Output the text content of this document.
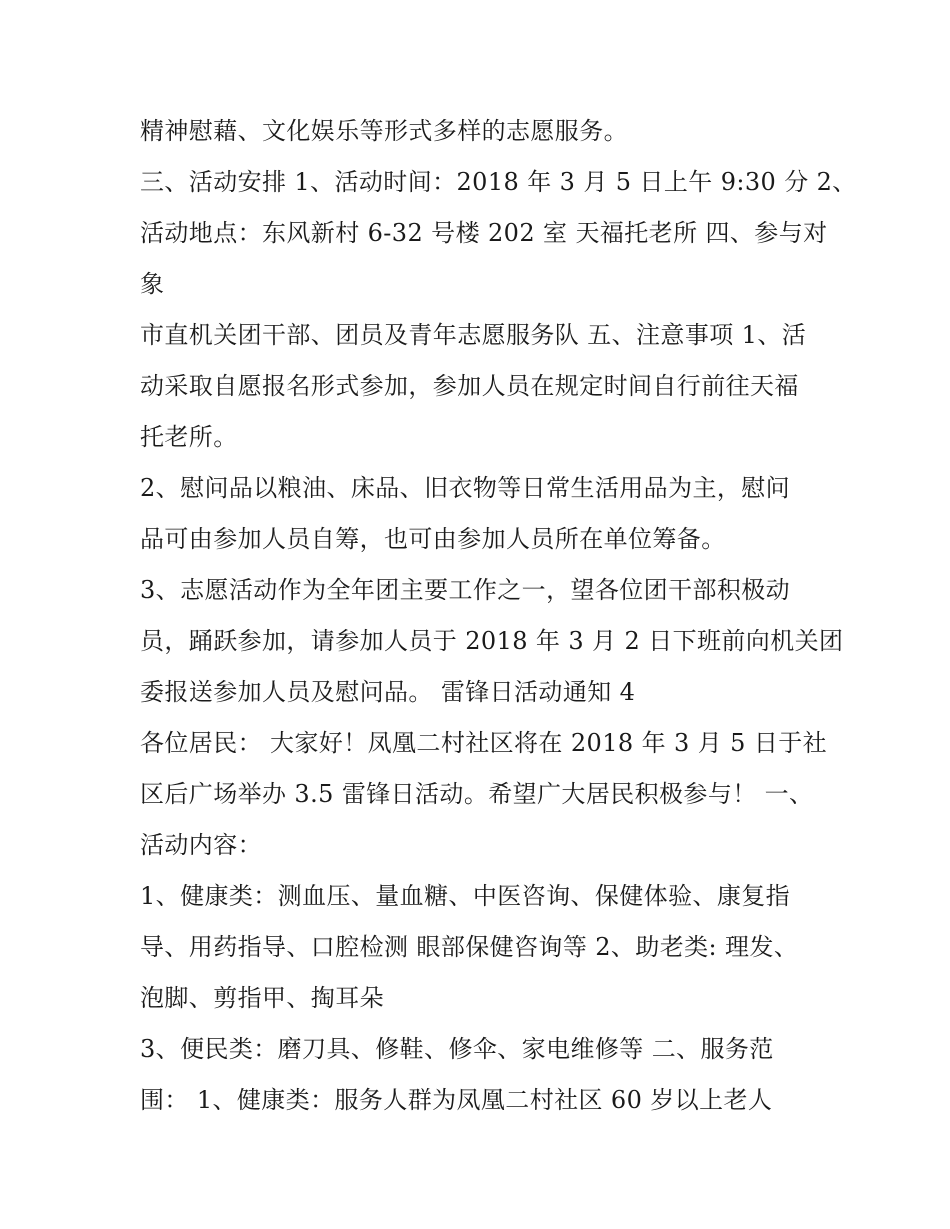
精神慰藉、文化娱乐等形式多样的志愿服务。
三、活动安排 1、活动时间：2018 年 3 月 5 日上午 9:30 分 2、
活动地点：东风新村 6-32 号楼 202 室 天福托老所 四、参与对
象
市直机关团干部、团员及青年志愿服务队 五、注意事项 1、活
动采取自愿报名形式参加，参加人员在规定时间自行前往天福
托老所。
2、慰问品以粮油、床品、旧衣物等日常生活用品为主，慰问
品可由参加人员自筹，也可由参加人员所在单位筹备。
3、志愿活动作为全年团主要工作之一，望各位团干部积极动
员，踊跃参加，请参加人员于 2018 年 3 月 2 日下班前向机关团
委报送参加人员及慰问品。 雷锋日活动通知 4
各位居民： 大家好！凤凰二村社区将在 2018 年 3 月 5 日于社
区后广场举办 3.5 雷锋日活动。希望广大居民积极参与！ 一、
活动内容：
1、健康类：测血压、量血糖、中医咨询、保健体验、康复指
导、用药指导、口腔检测 眼部保健咨询等 2、助老类: 理发、
泡脚、剪指甲、掏耳朵
3、便民类：磨刀具、修鞋、修伞、家电维修等 二、服务范
围： 1、健康类：服务人群为凤凰二村社区 60 岁以上老人
